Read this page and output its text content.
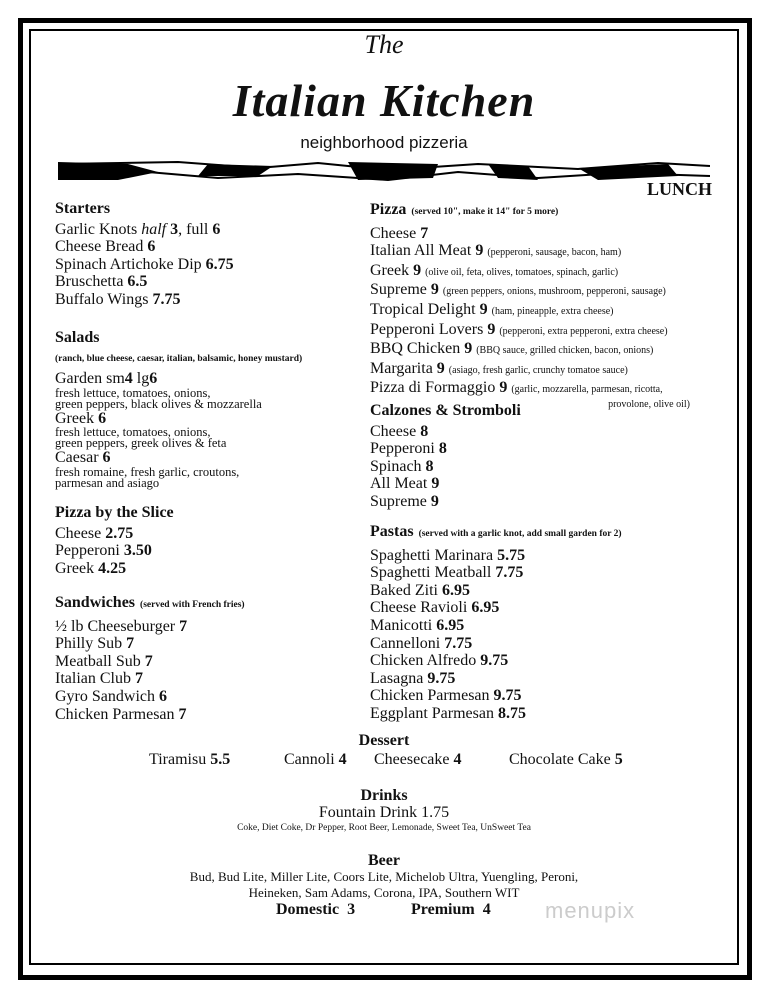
The
Italian Kitchen
neighborhood pizzeria
LUNCH
Starters
Garlic Knots half 3, full 6
Cheese Bread 6
Spinach Artichoke Dip 6.75
Bruschetta 6.5
Buffalo Wings 7.75
Salads
(ranch, blue cheese, caesar, italian, balsamic, honey mustard)
Garden sm4 lg6
fresh lettuce, tomatoes, onions,
green peppers, black olives & mozzarella
Greek 6
fresh lettuce, tomatoes, onions,
green peppers, greek olives & feta
Caesar 6
fresh romaine, fresh garlic, croutons,
parmesan and asiago
Pizza by the Slice
Cheese 2.75
Pepperoni 3.50
Greek 4.25
Sandwiches (served with French fries)
½ lb Cheeseburger 7
Philly Sub 7
Meatball Sub 7
Italian Club 7
Gyro Sandwich 6
Chicken Parmesan 7
Pizza (served 10", make it 14" for 5 more)
Cheese 7
Italian All Meat 9 (pepperoni, sausage, bacon, ham)
Greek 9 (olive oil, feta, olives, tomatoes, spinach, garlic)
Supreme 9 (green peppers, onions, mushroom, pepperoni, sausage)
Tropical Delight 9 (ham, pineapple, extra cheese)
Pepperoni Lovers 9 (pepperoni, extra pepperoni, extra cheese)
BBQ Chicken 9 (BBQ sauce, grilled chicken, bacon, onions)
Margarita 9 (asiago, fresh garlic, crunchy tomatoe sauce)
Pizza di Formaggio 9 (garlic, mozzarella, parmesan, ricotta,
provolone, olive oil)
Calzones & Stromboli
Cheese 8
Pepperoni 8
Spinach 8
All Meat 9
Supreme 9
Pastas (served with a garlic knot, add small garden for 2)
Spaghetti Marinara 5.75
Spaghetti Meatball 7.75
Baked Ziti 6.95
Cheese Ravioli 6.95
Manicotti 6.95
Cannelloni 7.75
Chicken Alfredo 9.75
Lasagna 9.75
Chicken Parmesan 9.75
Eggplant Parmesan 8.75
Dessert
Tiramisu 5.5	Cannoli 4 Cheesecake 4	Chocolate Cake 5
Drinks
Fountain Drink 1.75
Coke, Diet Coke, Dr Pepper, Root Beer, Lemonade, Sweet Tea, UnSweet Tea
Beer
Bud, Bud Lite, Miller Lite, Coors Lite, Michelob Ultra, Yuengling, Peroni,
Heineken, Sam Adams, Corona, IPA, Southern WIT
Domestic  3	Premium  4 menupix
